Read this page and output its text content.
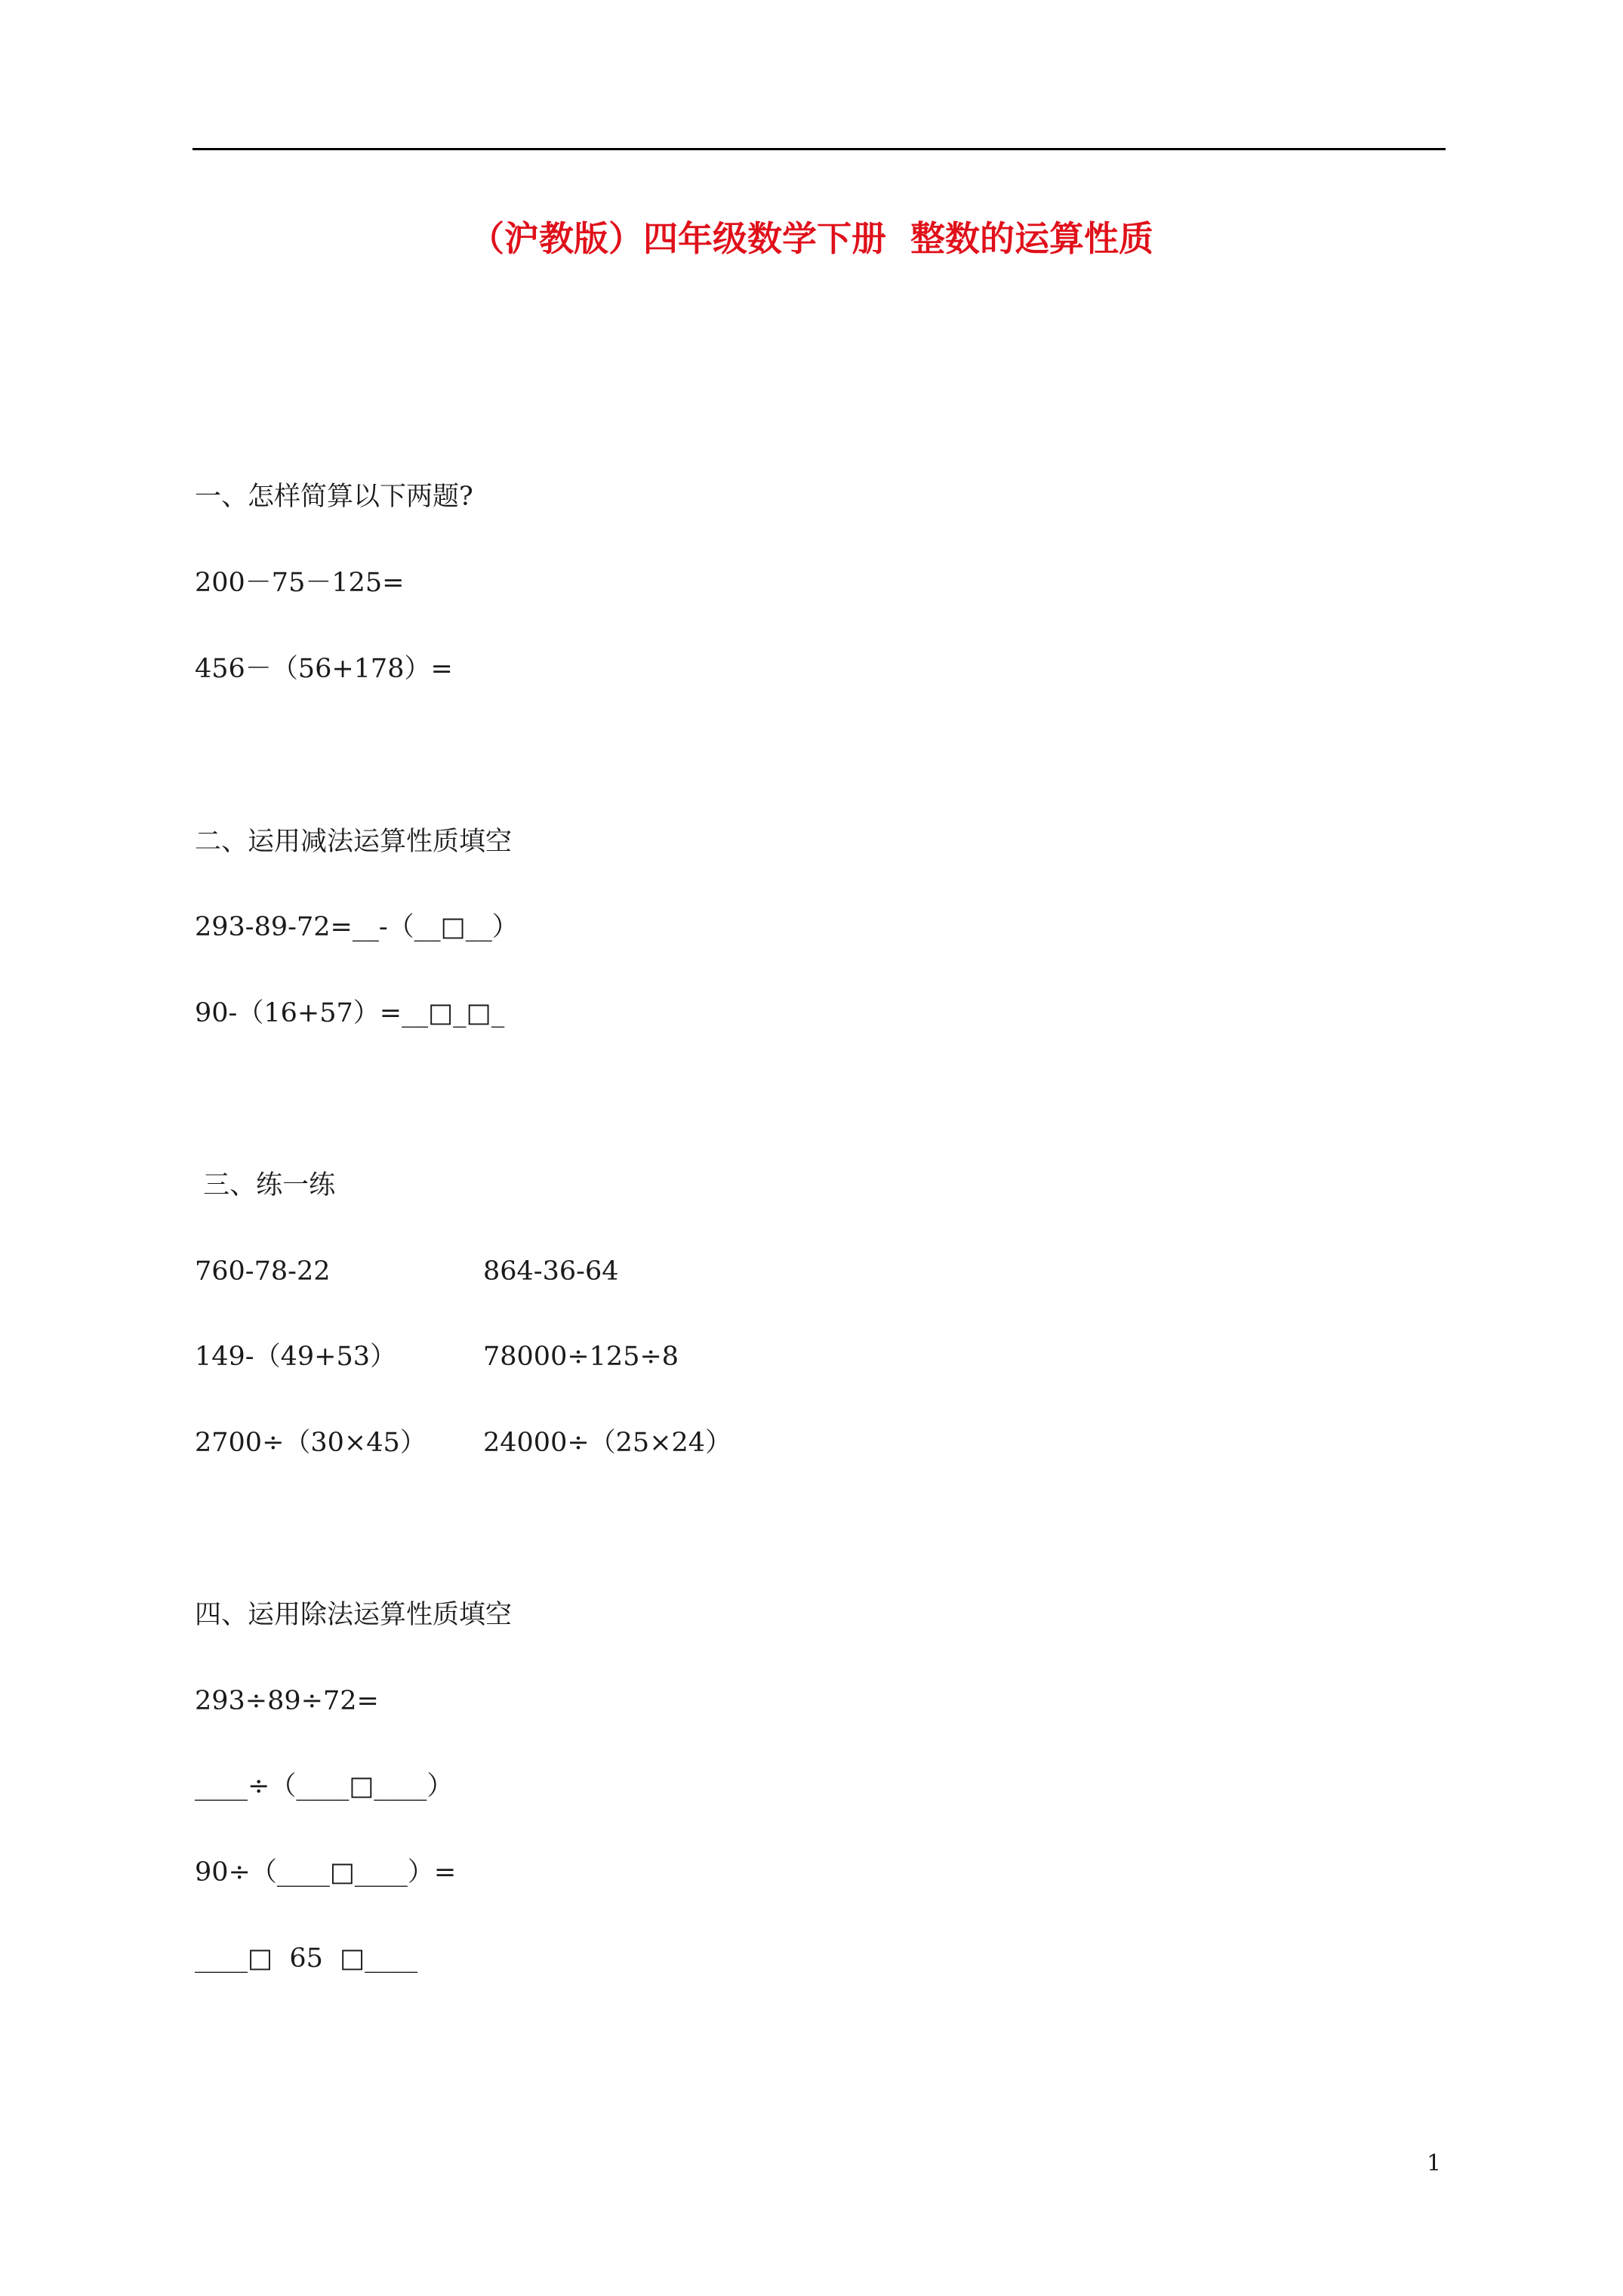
（沪教版）四年级数学下册  整数的运算性质
一、怎样简算以下两题?
200－75－125=
456－（56+178）=
二、运用减法运算性质填空
293-89-72=__-（__□__）
90-（16+57）=__□_□_
三、练一练
760-78-22	864-36-64
149-（49+53）	78000÷125÷8
2700÷（30×45） 24000÷（25×24）
四、运用除法运算性质填空
293÷89÷72=
____÷（____□____）
90÷（____□____）=
____□  65  □____
1
